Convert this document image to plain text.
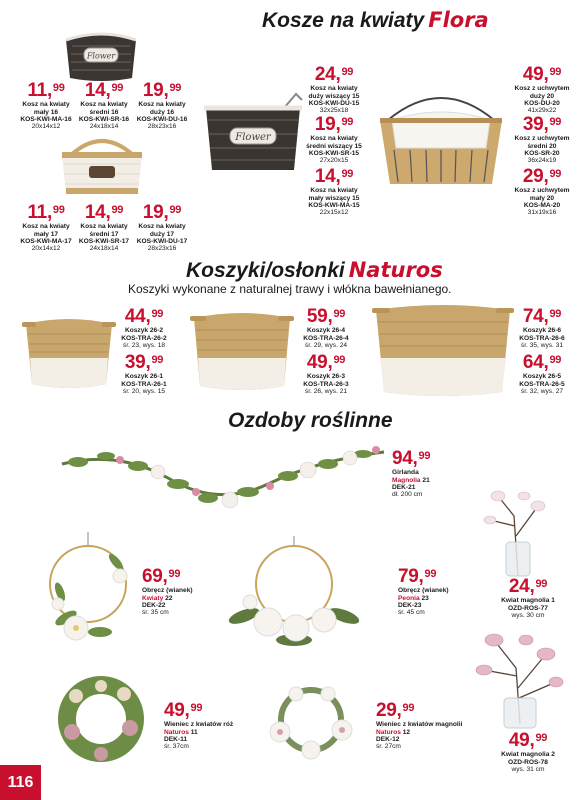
Kosze na kwiaty Flora
Koszyki/osłonki Naturos
Koszyki wykonane z naturalnej trawy i włókna bawełnianego.
Ozdoby roślinne
Flower
Flower
11,99
Kosz na kwiaty mały 16
KOS-KWI-MA-16
20x14x12
14,99
Kosz na kwiaty średni 16
KOS-KWI-SR-16
24x18x14
19,99
Kosz na kwiaty duży 16
KOS-KWI-DU-16
28x23x16
11,99
Kosz na kwiaty mały 17
KOS-KWI-MA-17
20x14x12
14,99
Kosz na kwiaty średni 17
KOS-KWI-SR-17
24x18x14
19,99
Kosz na kwiaty duży 17
KOS-KWI-DU-17
28x23x16
24,99
Kosz na kwiaty duży wiszący 15
KOS-KWI-DU-15
32x25x18
19,99
Kosz na kwiaty średni wiszący 15
KOS-KWI-SR-15
27x20x15
14,99
Kosz na kwiaty mały wiszący 15
KOS-KWI-MA-15
22x15x12
49,99
Kosz z uchwytem duży 20
KOS-DU-20
41x29x22
39,99
Kosz z uchwytem średni 20
KOS-SR-20
36x24x19
29,99
Kosz z uchwytem mały 20
KOS-MA-20
31x19x16
44,99
Koszyk 26-2
KOS-TRA-26-2
śr. 23, wys. 18
39,99
Koszyk 26-1
KOS-TRA-26-1
śr. 20, wys. 15
59,99
Koszyk 26-4
KOS-TRA-26-4
śr. 29, wys. 24
49,99
Koszyk 26-3
KOS-TRA-26-3
śr. 26, wys. 21
74,99
Koszyk 26-6
KOS-TRA-26-6
śr. 35, wys. 31
64,99
Koszyk 26-5
KOS-TRA-26-5
śr. 32, wys. 27
94,99
Girlanda
Magnolia 21
DEK-21
dł. 200 cm
69,99
Obręcz (wianek)
Kwiaty 22
DEK-22
śr. 35 cm
79,99
Obręcz (wianek)
Peonia 23
DEK-23
śr. 45 cm
24,99
Kwiat magnolia 1
OZD-ROS-77
wys. 30 cm
49,99
Wieniec z kwiatów róż
Naturos 11
DEK-11
śr. 37cm
29,99
Wieniec z kwiatów magnolii
Naturos 12
DEK-12
śr. 27cm	49,99
Kwiat magnolia 2
OZD-ROS-78
wys. 31 cm
116
